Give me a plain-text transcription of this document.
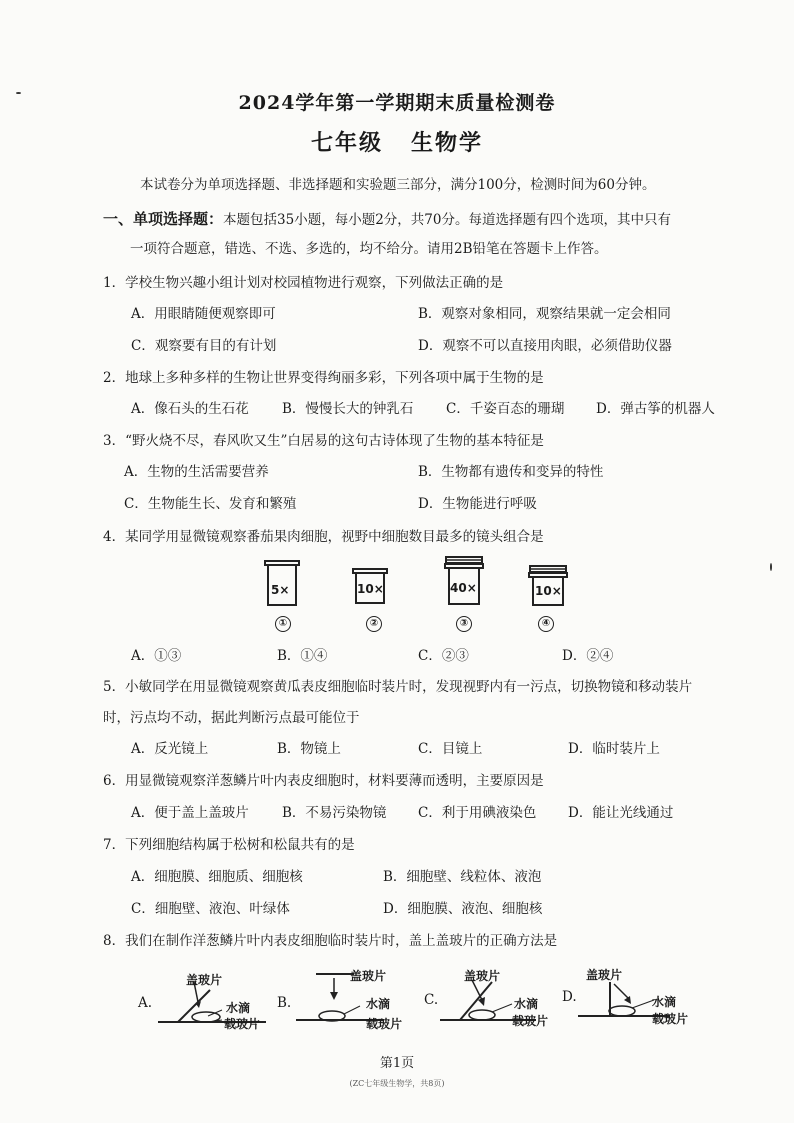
2024学年第一学期期末质量检测卷
七年级 生物学
本试卷分为单项选择题、非选择题和实验题三部分，满分100分，检测时间为60分钟。
一、单项选择题：本题包括35小题，每小题2分，共70分。每道选择题有四个选项，其中只有
一项符合题意，错选、不选、多选的，均不给分。请用2B铅笔在答题卡上作答。
1．学校生物兴趣小组计划对校园植物进行观察，下列做法正确的是
A．用眼睛随便观察即可	B．观察对象相同，观察结果就一定会相同
C．观察要有目的有计划	D．观察不可以直接用肉眼，必须借助仪器
2．地球上多种多样的生物让世界变得绚丽多彩，下列各项中属于生物的是
A．像石头的生石花 B．慢慢长大的钟乳石 C．千姿百态的珊瑚 D．弹古筝的机器人
3．“野火烧不尽，春风吹又生”白居易的这句古诗体现了生物的基本特征是
A．生物的生活需要营养	B．生物都有遗传和变异的特性
C．生物能生长、发育和繁殖	D．生物能进行呼吸
4．某同学用显微镜观察番茄果肉细胞，视野中细胞数目最多的镜头组合是
5×
①
10×
②
40×
③
10×
④
A．①③	B．①④	C．②③	D．②④
5．小敏同学在用显微镜观察黄瓜表皮细胞临时装片时，发现视野内有一污点，切换物镜和移动装片
时，污点均不动，据此判断污点最可能位于
A．反光镜上	B．物镜上	C．目镜上	D．临时装片上
6．用显微镜观察洋葱鳞片叶内表皮细胞时，材料要薄而透明，主要原因是
A．便于盖上盖玻片 B．不易污染物镜 C．利于用碘液染色 D．能让光线通过
7．下列细胞结构属于松树和松鼠共有的是
A．细胞膜、细胞质、细胞核	B．细胞壁、线粒体、液泡
C．细胞壁、液泡、叶绿体	D．细胞膜、液泡、细胞核
8．我们在制作洋葱鳞片叶内表皮细胞临时装片时，盖上盖玻片的正确方法是
A.
盖玻片
水滴
载玻片
B.
盖玻片
水滴
载玻片
C.
盖玻片
水滴
载玻片
D.
盖玻片
水滴
载玻片
第1页
(ZC七年级生物学，共8页)
